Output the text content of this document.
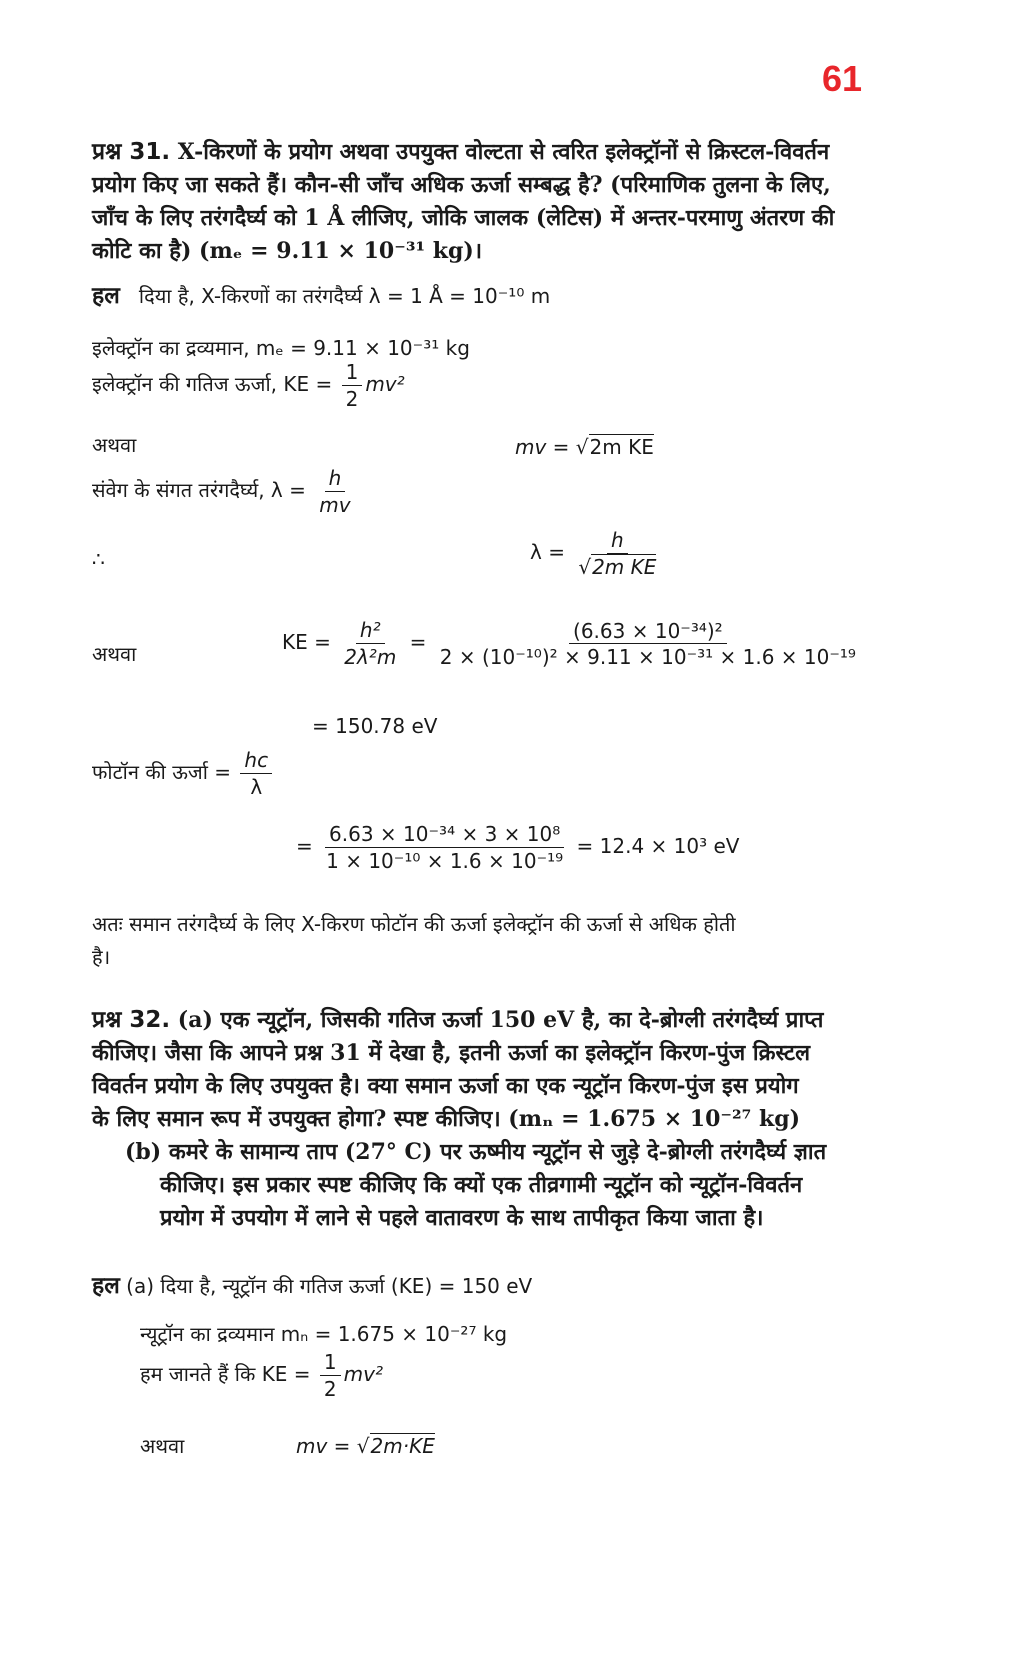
61
प्रश्न 31. X-किरणों के प्रयोग अथवा उपयुक्त वोल्टता से त्वरित इलेक्ट्रॉनों से क्रिस्टल-विवर्तन
प्रयोग किए जा सकते हैं। कौन-सी जाँच अधिक ऊर्जा सम्बद्ध है? (परिमाणिक तुलना के लिए,
जाँच के लिए तरंगदैर्घ्य को 1 Å लीजिए, जोकि जालक (लेटिस) में अन्तर-परमाणु अंतरण की
कोटि का है) (mₑ = 9.11 × 10⁻³¹ kg)।
हल दिया है, X-किरणों का तरंगदैर्घ्य λ = 1 Å = 10⁻¹⁰ m
इलेक्ट्रॉन का द्रव्यमान, mₑ = 9.11 × 10⁻³¹ kg
इलेक्ट्रॉन की गतिज ऊर्जा, KE = $\frac{1}{2} mv^2$
अथवा	mv = √2m KE
संवेग के संगत तरंगदैर्घ्य, $\lambda = \frac{h}{mv}$
∴	$\lambda = \frac{h}{\text{√2m KE}}$
अथवा	KE = $\frac{\text{h²}}{\text{2λ²m}} = \frac{\text{(6.63 × 10⁻³⁴)²}}{\text{2 × (10⁻¹⁰)² × 9.11 × 10⁻³¹ × 1.6 × 10⁻¹⁹}}$
= 150.78 eV
फोटॉन की ऊर्जा = $\frac{hc}{\lambda}$
= $\frac{\text{6.63 × 10⁻³⁴ × 3 × 10⁸}}{\text{1 × 10⁻¹⁰ × 1.6 × 10⁻¹⁹}} = 12.4 \times 10^3$ eV
अतः समान तरंगदैर्घ्य के लिए X-किरण फोटॉन की ऊर्जा इलेक्ट्रॉन की ऊर्जा से अधिक होती
है।
प्रश्न 32. (a) एक न्यूट्रॉन, जिसकी गतिज ऊर्जा 150 eV है, का दे-ब्रोग्ली तरंगदैर्घ्य प्राप्त
कीजिए। जैसा कि आपने प्रश्न 31 में देखा है, इतनी ऊर्जा का इलेक्ट्रॉन किरण-पुंज क्रिस्टल
विवर्तन प्रयोग के लिए उपयुक्त है। क्या समान ऊर्जा का एक न्यूट्रॉन किरण-पुंज इस प्रयोग
के लिए समान रूप में उपयुक्त होगा? स्पष्ट कीजिए। (mₙ = 1.675 × 10⁻²⁷ kg)
(b) कमरे के सामान्य ताप (27° C) पर ऊष्मीय न्यूट्रॉन से जुड़े दे-ब्रोग्ली तरंगदैर्घ्य ज्ञात
कीजिए। इस प्रकार स्पष्ट कीजिए कि क्यों एक तीव्रगामी न्यूट्रॉन को न्यूट्रॉन-विवर्तन
प्रयोग में उपयोग में लाने से पहले वातावरण के साथ तापीकृत किया जाता है।
हल (a) दिया है, न्यूट्रॉन की गतिज ऊर्जा (KE) = 150 eV
न्यूट्रॉन का द्रव्यमान mₙ = 1.675 × 10⁻²⁷ kg
हम जानते हैं कि KE = $\frac{1}{2} mv^2$
अथवा	mv = √2m·KE
